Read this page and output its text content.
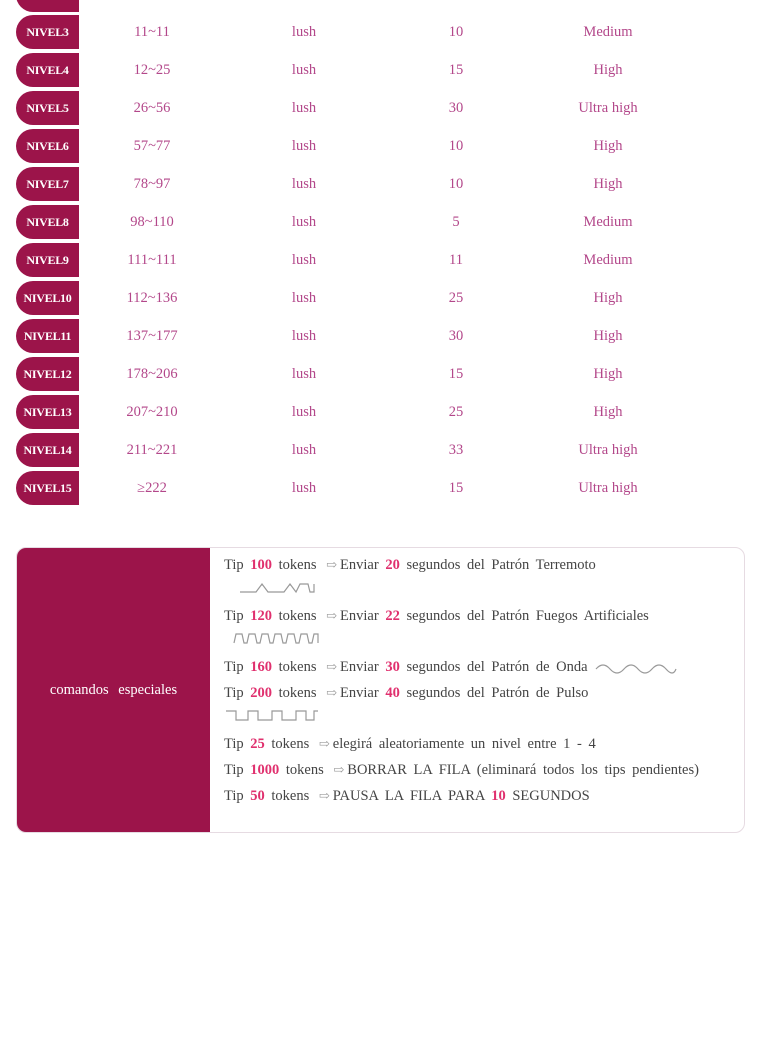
NIVEL3	11~11	lush	10	Medium
NIVEL4	12~25	lush	15	High
NIVEL5	26~56	lush	30	Ultra high
NIVEL6	57~77	lush	10	High
NIVEL7	78~97	lush	10	High
NIVEL8	98~110	lush	5	Medium
NIVEL9	111~111	lush	11	Medium
NIVEL10	112~136	lush	25	High
NIVEL11	137~177	lush	30	High
NIVEL12	178~206	lush	15	High
NIVEL13	207~210	lush	25	High
NIVEL14	211~221	lush	33	Ultra high
NIVEL15	≥222	lush	15	Ultra high
comandos especiales
Tip 100 tokens ⇨ Enviar 20 segundos del Patrón Terremoto
Tip 120 tokens ⇨ Enviar 22 segundos del Patrón Fuegos Artificiales
Tip 160 tokens ⇨ Enviar 30 segundos del Patrón de Onda
Tip 200 tokens ⇨ Enviar 40 segundos del Patrón de Pulso
Tip 25 tokens ⇨ elegirá aleatoriamente un nivel entre 1 - 4
Tip 1000 tokens ⇨ BORRAR LA FILA (eliminará todos los tips pendientes)
Tip 50 tokens ⇨ PAUSA LA FILA PARA 10 SEGUNDOS
